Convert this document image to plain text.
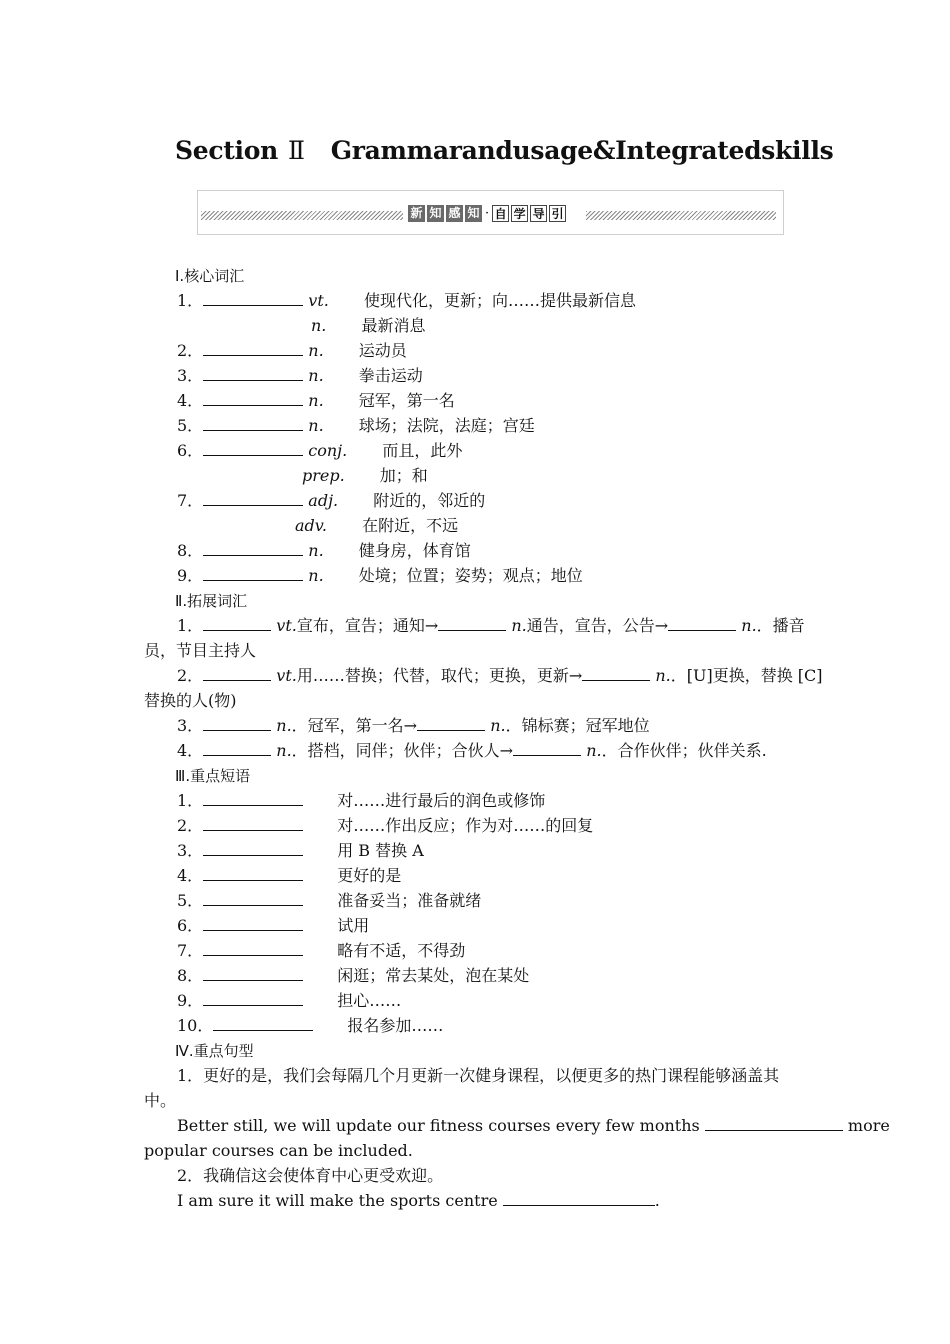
Section Ⅱ Grammarandusage&Integratedskills
新 知 感 知 · 自 学 导 引
Ⅰ.核心词汇
1．	vt. 使现代化，更新；向……提供最新信息
n. 最新消息
2．	n. 运动员
3．	n. 拳击运动
4．	n. 冠军，第一名
5．	n. 球场；法院，法庭；宫廷
6．	conj. 而且，此外
prep. 加；和
7．	adj. 附近的，邻近的
adv. 在附近，不远
8．	n. 健身房，体育馆
9．	n. 处境；位置；姿势；观点；地位
Ⅱ.拓展词汇
1．	vt.宣布，宣告；通知→	n.通告，宣告，公告→	n.．播音
员，节目主持人
2．	vt.用……替换；代替，取代；更换，更新→	n.．[U]更换，替换 [C]
替换的人(物)
3．	n.．冠军，第一名→	n.．锦标赛；冠军地位
4．	n.．搭档，同伴；伙伴；合伙人→	n.．合作伙伴；伙伴关系.
Ⅲ.重点短语
1．	对……进行最后的润色或修饰
2．	对……作出反应；作为对……的回复
3．	用 B 替换 A
4．	更好的是
5．	准备妥当；准备就绪
6．	试用
7．	略有不适，不得劲
8．	闲逛；常去某处，泡在某处
9．	担心……
10．	报名参加……
Ⅳ.重点句型
1．更好的是，我们会每隔几个月更新一次健身课程，以便更多的热门课程能够涵盖其
中。
Better still, we will update our fitness courses every few months	more
popular courses can be included.
2．我确信这会使体育中心更受欢迎。
I am sure it will make the sports centre	.
